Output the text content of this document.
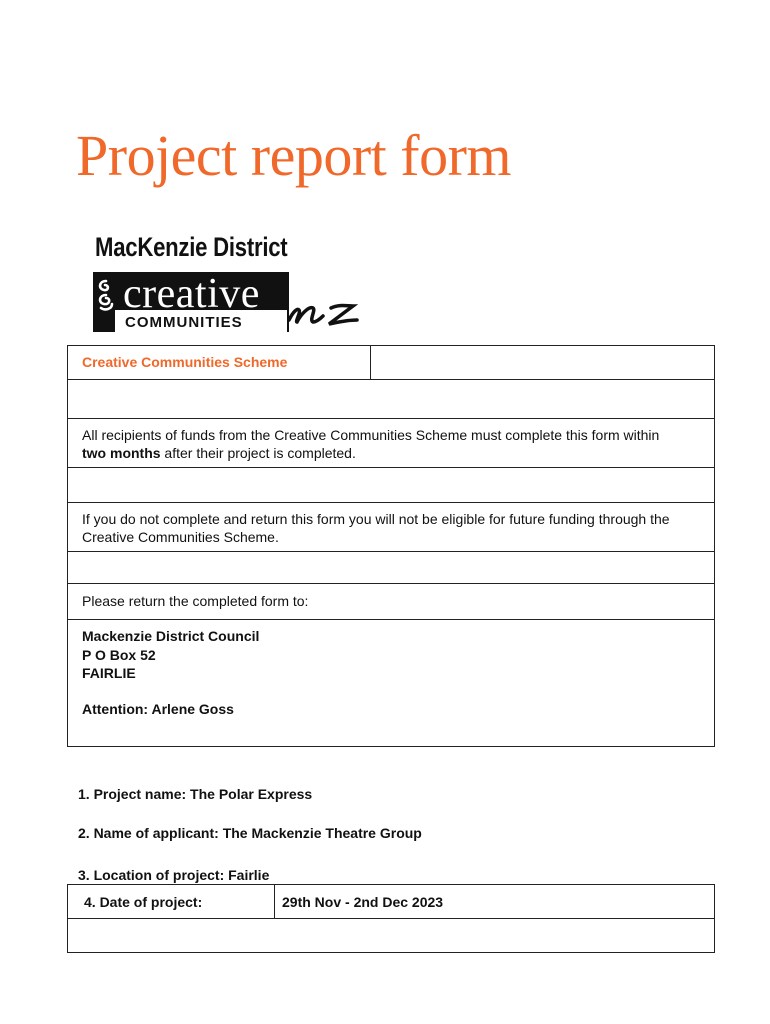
Project report form
MacKenzie District
creative
COMMUNITIES
Creative Communities Scheme
All recipients of funds from the Creative Communities Scheme must complete this form within two months after their project is completed.
If you do not complete and return this form you will not be eligible for future funding through the Creative Communities Scheme.
Please return the completed form to:
Mackenzie District Council
P O Box 52
FAIRLIE
Attention: Arlene Goss
1. Project name: The Polar Express
2. Name of applicant: The Mackenzie Theatre Group
3. Location of project: Fairlie
4. Date of project:	29th Nov - 2nd Dec 2023
